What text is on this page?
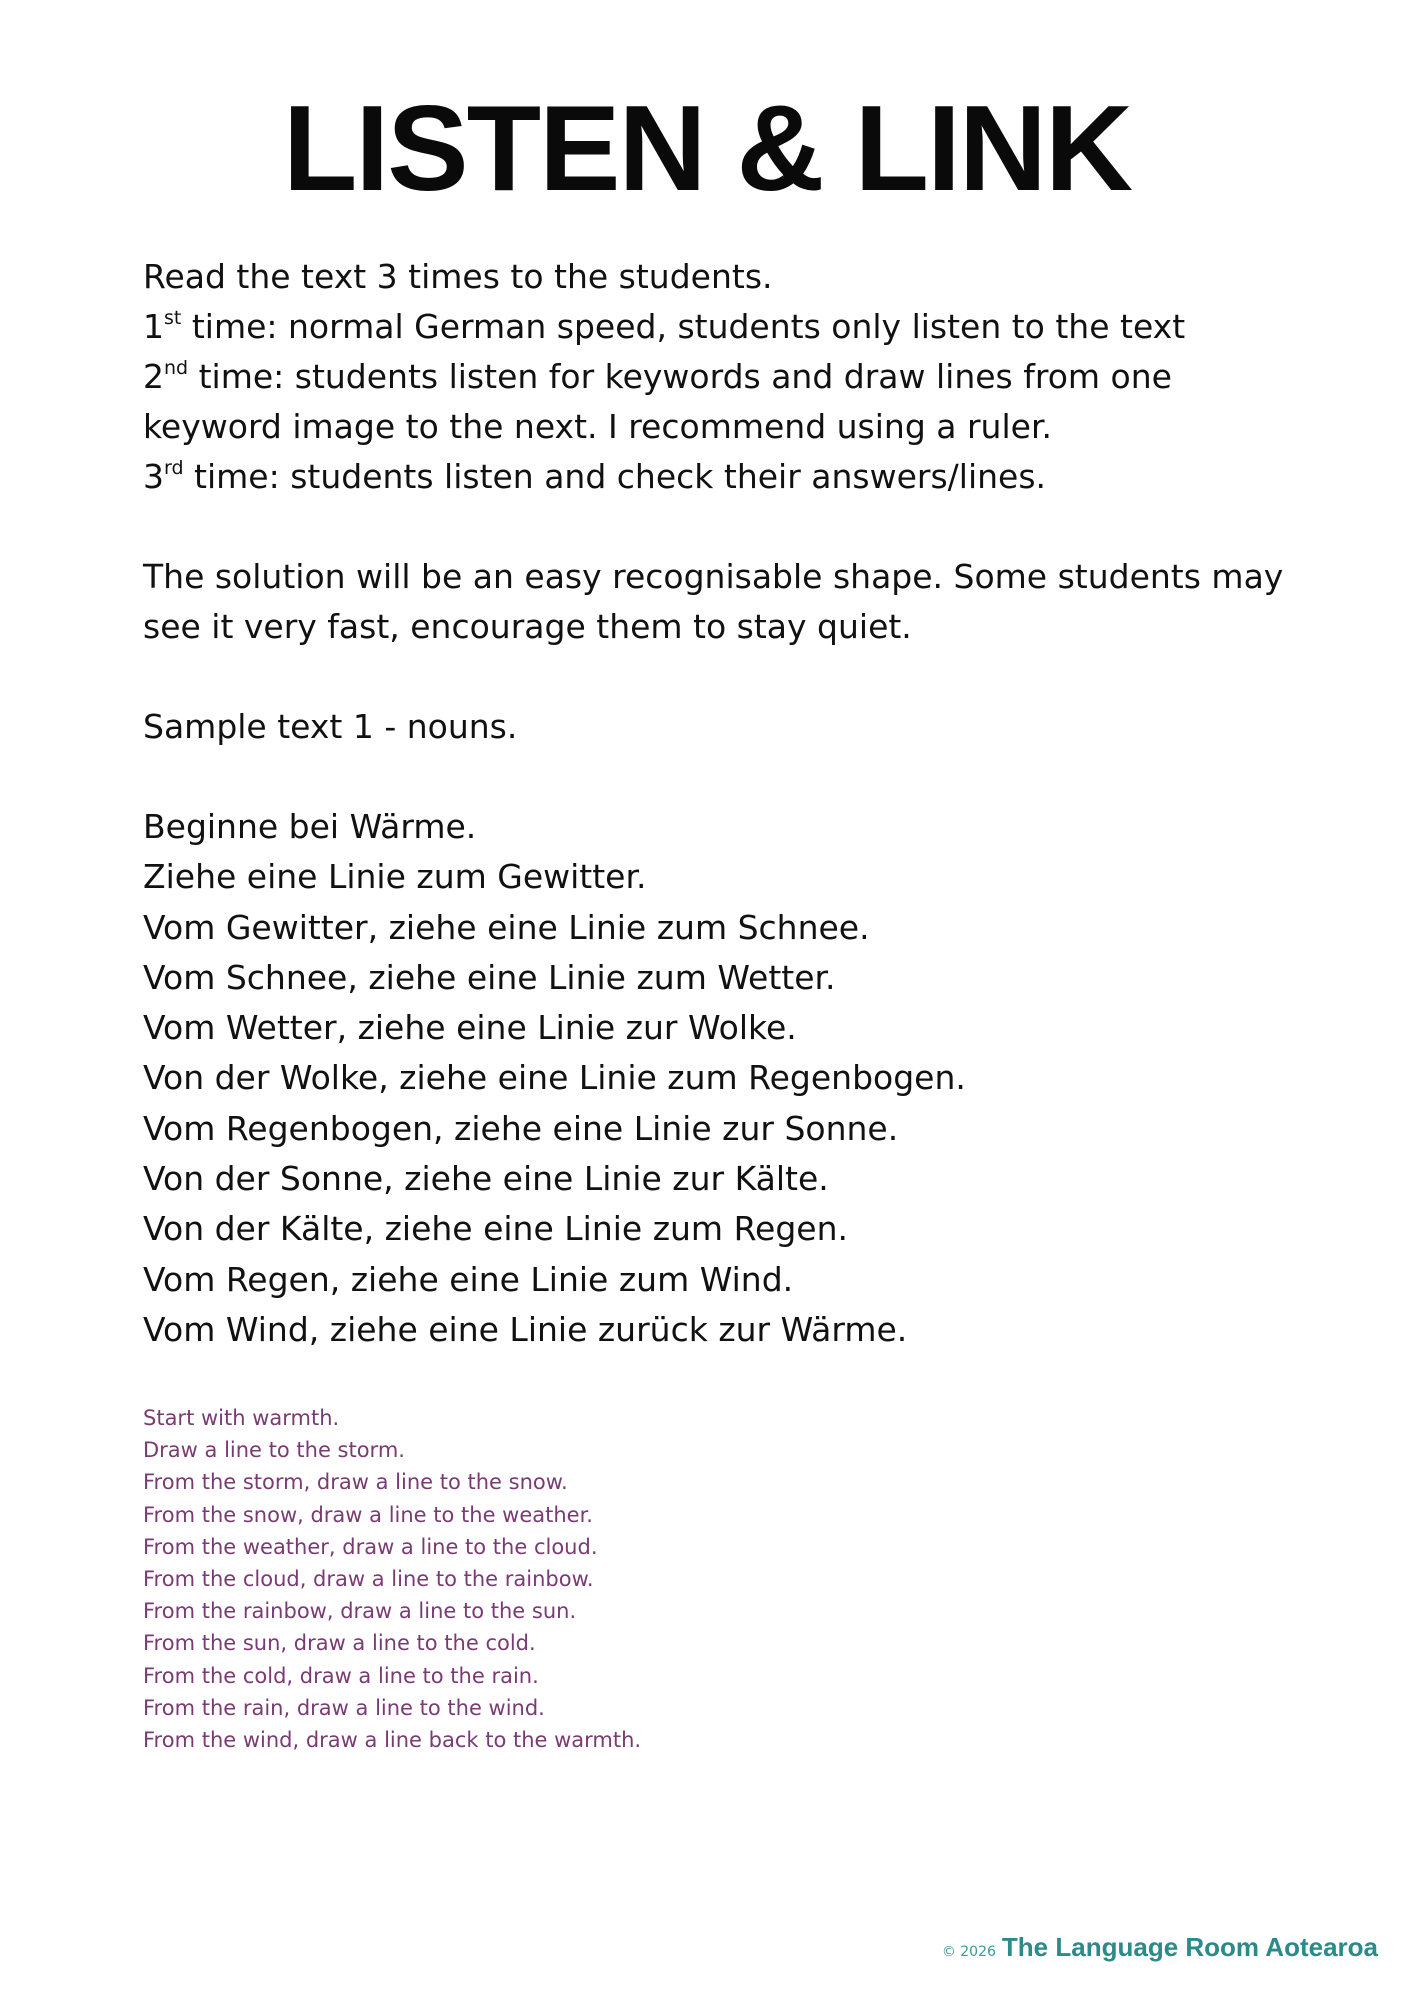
LISTEN & LINK

Read the text 3 times to the students.

1st time: normal German speed, students only listen to the text

2nd time: students listen for keywords and draw lines from one

keyword image to the next. I recommend using a ruler.

3rd time: students listen and check their answers/lines.

The solution will be an easy recognisable shape. Some students may

see it very fast, encourage them to stay quiet.

Sample text 1 - nouns.

Beginne bei Wärme.
Ziehe eine Linie zum Gewitter.
Vom Gewitter, ziehe eine Linie zum Schnee.
Vom Schnee, ziehe eine Linie zum Wetter.
Vom Wetter, ziehe eine Linie zur Wolke.
Von der Wolke, ziehe eine Linie zum Regenbogen.
Vom Regenbogen, ziehe eine Linie zur Sonne.
Von der Sonne, ziehe eine Linie zur Kälte.
Von der Kälte, ziehe eine Linie zum Regen.
Vom Regen, ziehe eine Linie zum Wind.
Vom Wind, ziehe eine Linie zurück zur Wärme.
Start with warmth.
Draw a line to the storm.
From the storm, draw a line to the snow.
From the snow, draw a line to the weather.
From the weather, draw a line to the cloud.
From the cloud, draw a line to the rainbow.
From the rainbow, draw a line to the sun.
From the sun, draw a line to the cold.
From the cold, draw a line to the rain.
From the rain, draw a line to the wind.
From the wind, draw a line back to the warmth.
© 2026 The Language Room Aotearoa
